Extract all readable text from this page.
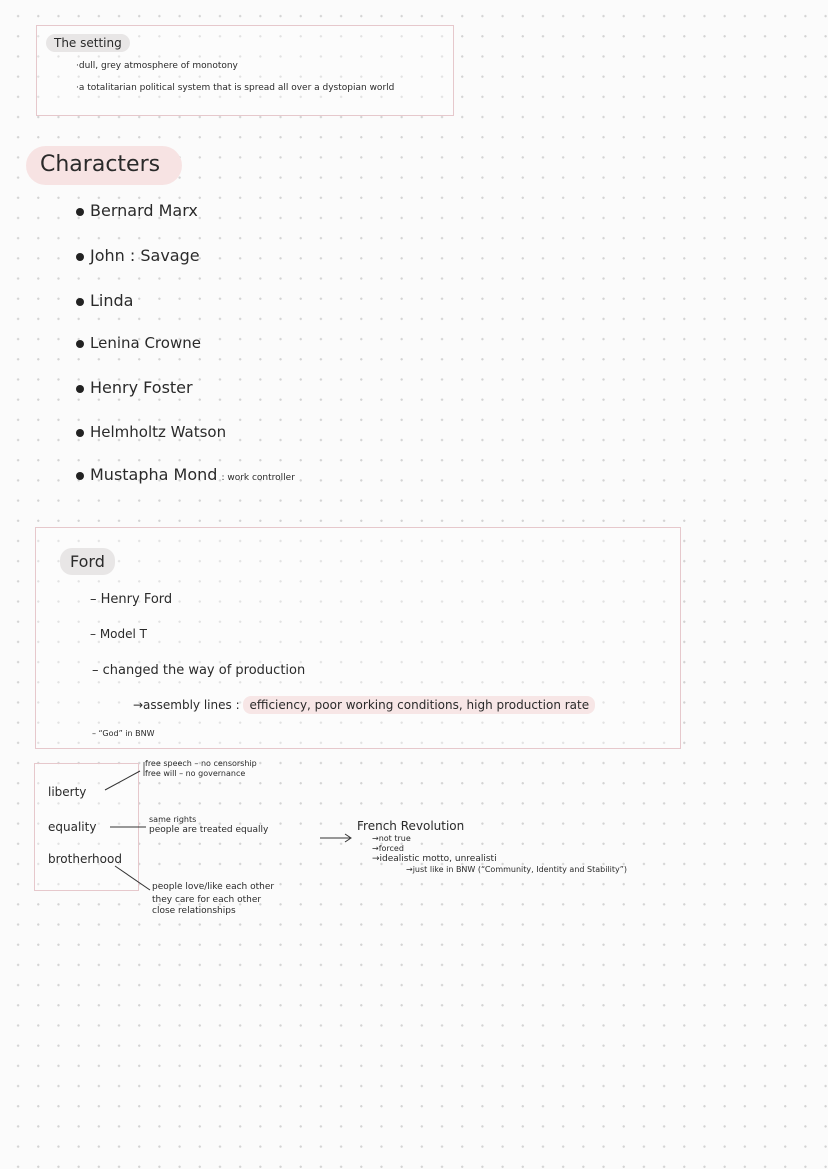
The setting
·dull, grey atmosphere of monotony
·a totalitarian political system that is spread all over a dystopian world
Characters
Bernard Marx
John : Savage
Linda
Lenina Crowne
Henry Foster
Helmholtz Watson
Mustapha Mond : work controller
Ford
– Henry Ford
– Model T
– changed the way of production
→assembly lines : efficiency, poor working conditions, high production rate
– “God” in BNW
liberty
equality
brotherhood
free speech – no censorship
free will – no governance
same rights
people are treated equally
people love/like each other
they care for each other
close relationships
French Revolution
→not true
→forced
→idealistic motto, unrealisti
→just like in BNW (“Community, Identity and Stability”)
